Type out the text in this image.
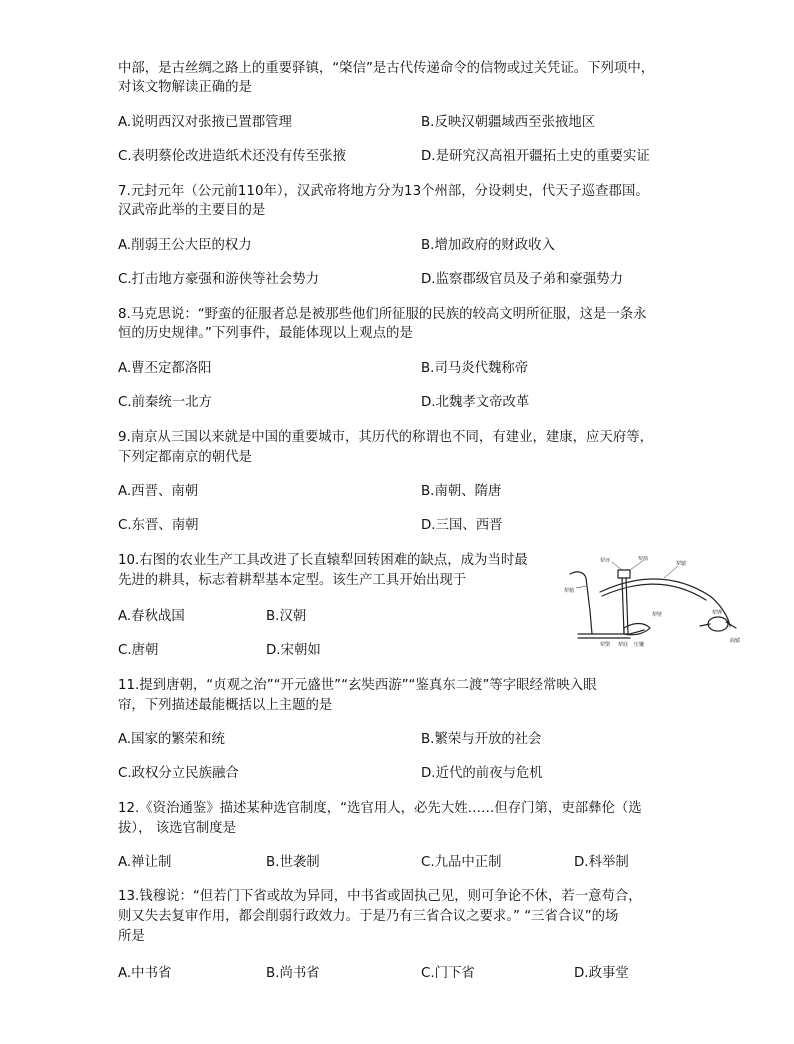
中部，是古丝绸之路上的重要驿镇，“棨信”是古代传递命令的信物或过关凭证。下列项中，
对该文物解读正确的是
A.说明西汉对张掖已置郡管理	B.反映汉朝疆域西至张掖地区
C.表明蔡伦改进造纸术还没有传至张掖	D.是研究汉高祖开疆拓土史的重要实证
7.元封元年（公元前110年），汉武帝将地方分为13个州部，分设刺史，代天子巡查郡国。
汉武帝此举的主要目的是
A.削弱王公大臣的权力	B.增加政府的财政收入
C.打击地方豪强和游侠等社会势力	D.监察郡级官员及子弟和豪强势力
8.马克思说：“野蛮的征服者总是被那些他们所征服的民族的较高文明所征服，这是一条永
恒的历史规律。”下列事件，最能体现以上观点的是
A.曹丕定都洛阳	B.司马炎代魏称帝
C.前秦统一北方	D.北魏孝文帝改革
9.南京从三国以来就是中国的重要城市，其历代的称谓也不同，有建业，建康，应天府等，
下列定都南京的朝代是
A.西晋、南朝	B.南朝、隋唐
C.东晋、南朝	D.三国、西晋
10.右图的农业生产工具改进了长直辕犁回转困难的缺点，成为当时最
先进的耕具，标志着耕犁基本定型。该生产工具开始出现于
A.春秋战国	B.汉朝
C.唐朝	D.宋朝如
犁评	犁箭
犁辕
犁梢
犁槃 犁底 压镵
犁壁	犁铧
曲辕
11.提到唐朝，“贞观之治”“开元盛世”“玄奘西游”“鉴真东二渡”等字眼经常映入眼
帘，下列描述最能概括以上主题的是
A.国家的繁荣和统	B.繁荣与开放的社会
C.政权分立民族融合	D.近代的前夜与危机
12.《资治通鉴》描述某种选官制度，“选官用人，必先大姓……但存门第，吏部彝伦（选
拔）， 该选官制度是
A.禅让制	B.世袭制	C.九品中正制	D.科举制
13.钱穆说：“但若门下省或故为异同，中书省或固执己见，则可争论不休，若一意苟合，
则又失去复审作用，都会削弱行政效力。于是乃有三省合议之要求。” “三省合议”的场
所是
A.中书省	B.尚书省	C.门下省	D.政事堂
